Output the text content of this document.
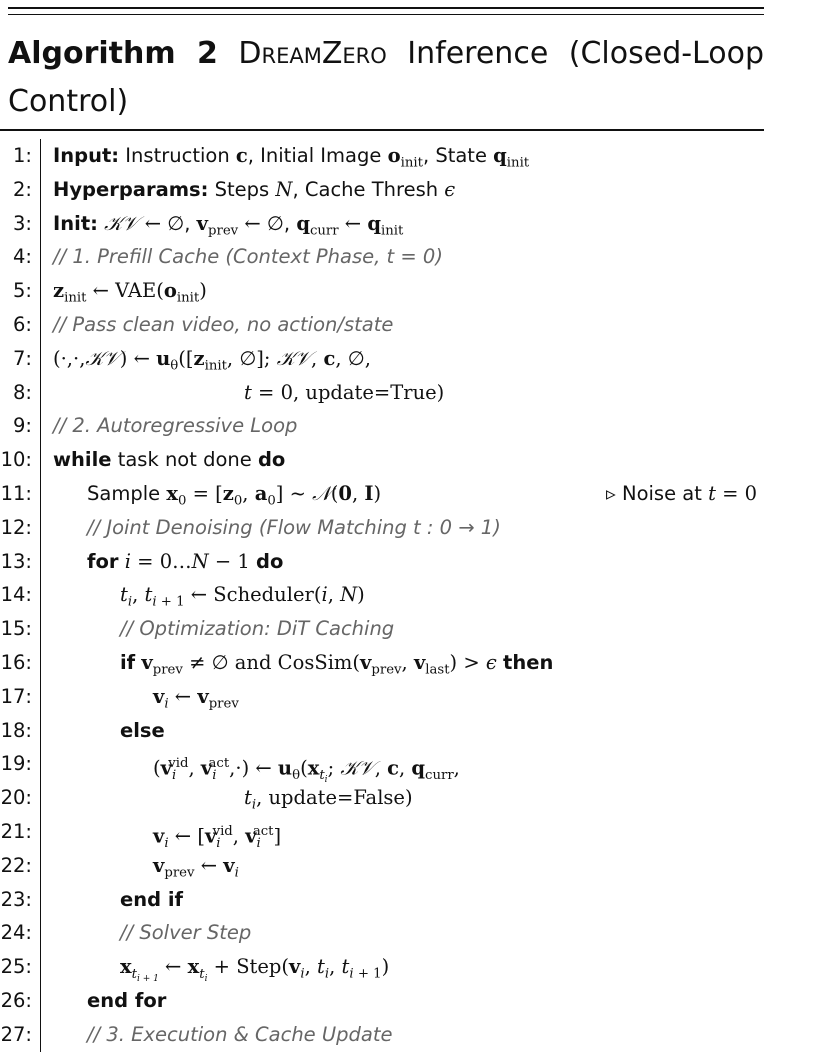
Algorithm 2 DreamZero Inference (Closed-Loop Control)
1: Input: Instruction c, Initial Image $o_{init}$, State $q_{init}$
2: Hyperparams: Steps N, Cache Thresh ϵ
3: Init: 𝒦𝒱 ← ∅, $v_{prev}$ ← ∅, $q_{curr}$ ← $q_{init}$
4: // 1. Prefill Cache (Context Phase, t = 0)
5: $z_{init}$ ← $VAE(o_{init})$
6: // Pass clean video, no action/state
7: (·,·,𝒦𝒱) ← $u_\theta([z_{init}$, ∅]; 𝒦𝒱, c, ∅,
8:	t = 0, update=True)
9: // 2. Autoregressive Loop
10: while task not done do
11:	Sample $x_0 = [z_0$, $a_0$] ~ 𝒩(0, I)	▹ Noise at t = 0
12:	// Joint Denoising (Flow Matching t : 0 → 1)
13:	for i = 0…N − 1 do
14:	$t_i$, $t_{i + 1}$ ← Scheduler(i, N)
15:	// Optimization: DiT Caching
16:	if $v_{prev}$ ≠ ∅ and $CosSim(v_{prev}$, $v_{last}) > \epsilon$ then
17:	$v_i$ ← $v_{prev}$
18:	else
19:	($v_i^{vid}$, $v_i^{act},\cdot$) ← $u_\theta(x_{t_i}$; 𝒦𝒱, c, $q_{curr}$,
20:	$t_i$, update=False)
21:	$v_i$ ← [$v_i^{vid}$, $v_i^{act}$]
22:	$v_{prev}$ ← $v_i$
23:	end if
24:	// Solver Step
25:	$x_{t_{i + 1}}$ ← $x_{t_i}$ + $Step(v_i$, $t_i$, $t_{i + 1}$)
26:	end for
27:	// 3. Execution & Cache Update
